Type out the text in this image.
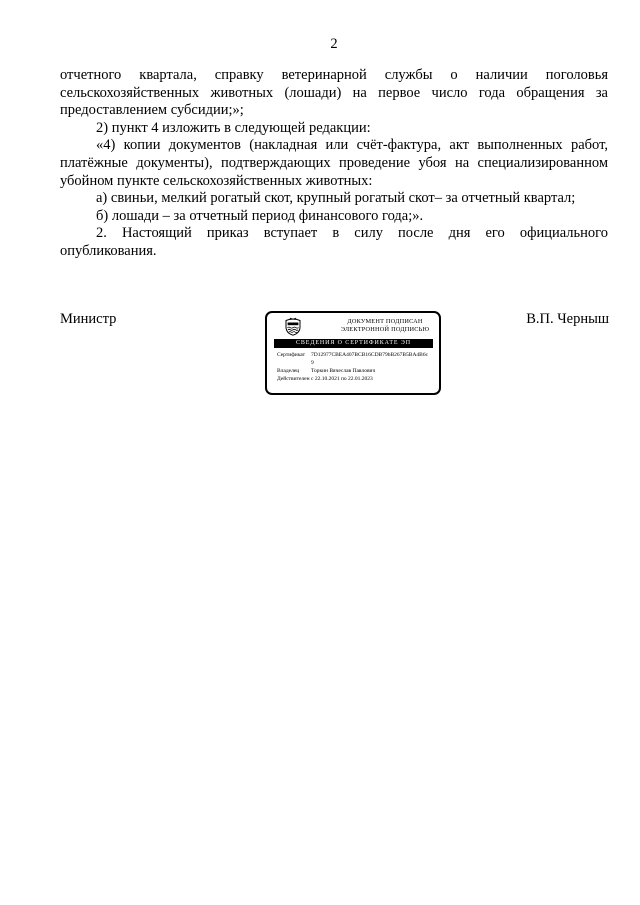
2
отчетного квартала, справку ветеринарной службы о наличии поголовья
сельскохозяйственных животных (лошади) на первое число года обращения за
предоставлением субсидии;»;
2) пункт 4 изложить в следующей редакции:
«4) копии документов (накладная или счёт-фактура, акт выполненных работ,
платёжные документы), подтверждающих проведение убоя на специализированном
убойном пункте сельскохозяйственных животных:
а) свиньи, мелкий рогатый скот, крупный рогатый скот– за отчетный квартал;
б) лошади – за отчетный период финансового года;».
2. Настоящий приказ вступает в силу после дня его официального
опубликования.
Министр	В.П. Черныш
ДОКУМЕНТ ПОДПИСАН
ЭЛЕКТРОННОЙ ПОДПИСЬЮ
СВЕДЕНИЯ О СЕРТИФИКАТЕ ЭП
Сертификат 7D12977CBEA407BCB16CDB79bB267B5BA4B6c9
Владелец Торкин Вячеслав Павлович
Действителен с 22.10.2021 по 22.01.2023
